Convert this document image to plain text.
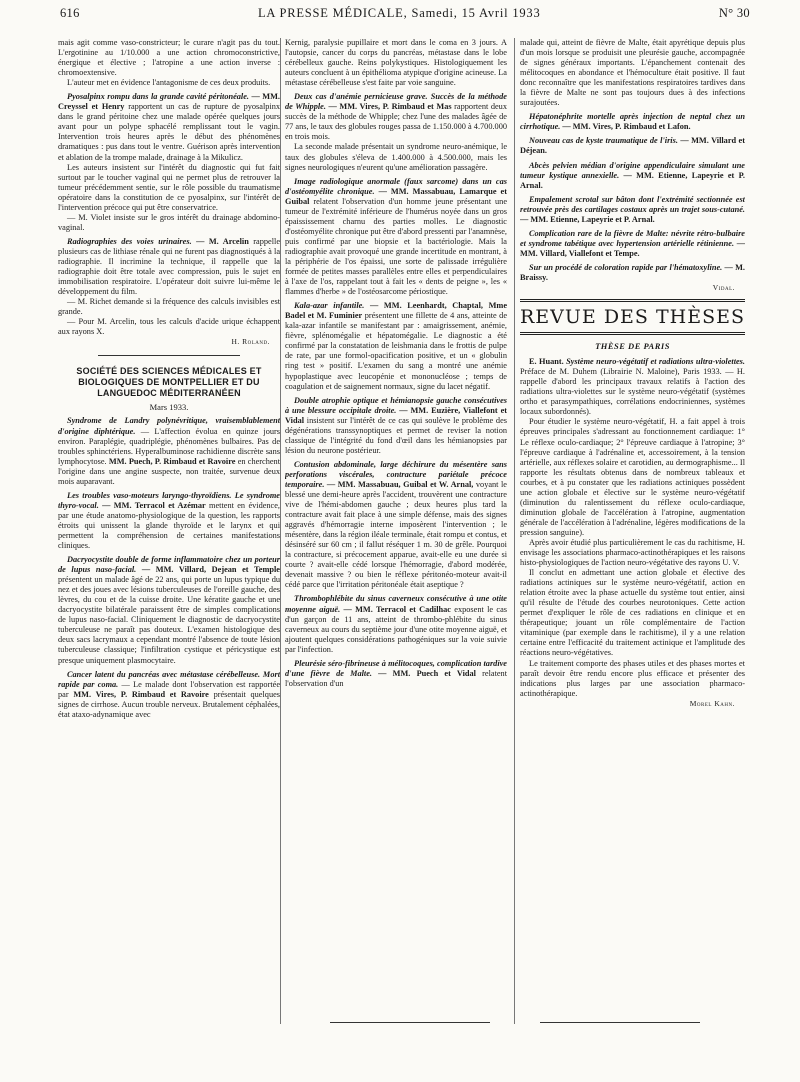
616	LA PRESSE MÉDICALE, Samedi, 15 Avril 1933	N° 30

mais agit comme vaso-constricteur; le curare n'agit pas du tout. L'ergotinine au 1/10.000 a une action chromoconstrictive, énergique et élective ; l'atropine a une action inverse : chromoextensive.

L'auteur met en évidence l'antagonisme de ces deux produits.

Pyosalpinx rompu dans la grande cavité péritonéale. — MM. Creyssel et Henry rapportent un cas de rupture de pyosalpinx dans le grand péritoine chez une malade opérée quelques jours avant pour un polype sphacélé remplissant tout le vagin. Intervention trois heures après le début des phénomènes dramatiques : pus dans tout le ventre. Guérison après intervention et ablation de la trompe malade, drainage à la Mikulicz.

Les auteurs insistent sur l'intérêt du diagnostic qui fut fait surtout par le toucher vaginal qui ne permet plus de retrouver la tumeur précédemment sentie, sur le rôle possible du traumatisme opératoire dans la constitution de ce pyosalpinx, sur l'intérêt de l'intervention précoce qui put être conservatrice.

— M. Violet insiste sur le gros intérêt du drainage abdomino-vaginal.

Radiographies des voies urinaires. — M. Arcelin rappelle plusieurs cas de lithiase rénale qui ne furent pas diagnostiqués à la radiographie. Il incrimine la technique, il rappelle que la radiographie doit être totale avec compression, puis le sujet en immobilisation respiratoire. L'opérateur doit suivre lui-même le développement du film.

— M. Richet demande si la fréquence des calculs invisibles est grande.

— Pour M. Arcelin, tous les calculs d'acide urique échappent aux rayons X.

H. Roland.
SOCIÉTÉ DES SCIENCES MÉDICALES ET BIOLOGIQUES DE MONTPELLIER ET DU LANGUEDOC MÉDITERRANÉEN
Mars 1933.

Syndrome de Landry polynévritique, vraisemblablement d'origine diphtérique. — L'affection évolua en quinze jours environ. Paraplégie, quadriplégie, phénomènes bulbaires. Pas de troubles sphinctériens. Hyperalbuminose rachidienne discrète sans lymphocytose. MM. Puech, P. Rimbaud et Ravoire en cherchent l'origine dans une angine suspecte, non traitée, survenue deux mois auparavant.

Les troubles vaso-moteurs laryngo-thyroïdiens. Le syndrome thyro-vocal. — MM. Terracol et Azémar mettent en évidence, par une étude anatomo-physiologique de la question, les rapports étroits qui unissent la glande thyroïde et le larynx et qui permettent la compréhension de certaines manifestations cliniques.

Dacryocystite double de forme inflammatoire chez un porteur de lupus naso-facial. — MM. Villard, Dejean et Temple présentent un malade âgé de 22 ans, qui porte un lupus typique du nez et des joues avec lésions tuberculeuses de l'oreille gauche, des lèvres, du cou et de la cuisse droite. Une kératite gauche et une dacryocystite bilatérale paraissent être de simples complications de lupus naso-facial. Cliniquement le diagnostic de dacryocystite tuberculeuse ne paraît pas douteux. L'examen histologique des deux sacs lacrymaux a cependant montré l'absence de toute lésion tuberculeuse classique; l'infiltration cystique et péricystique est presque uniquement plasmocytaire.

Cancer latent du pancréas avec métastase cérébelleuse. Mort rapide par coma. — Le malade dont l'observation est rapportée par MM. Vires, P. Rimbaud et Ravoire présentait quelques signes de cirrhose. Aucun trouble nerveux. Brutalement céphalées, état ataxo-adynamique avec

Kernig, paralysie pupillaire et mort dans le coma en 3 jours. A l'autopsie, cancer du corps du pancréas, métastase dans le lobe cérébelleux gauche. Reins polykystiques. Histologiquement les auteurs concluent à un épithélioma atypique d'origine acineuse. La métastase cérébelleuse s'est faite par voie sanguine.

Deux cas d'anémie pernicieuse grave. Succès de la méthode de Whipple. — MM. Vires, P. Rimbaud et Mas rapportent deux succès de la méthode de Whipple; chez l'une des malades âgée de 77 ans, le taux des globules rouges passa de 1.150.000 à 4.700.000 en trois mois.

La seconde malade présentait un syndrome neuro-anémique, le taux des globules s'éleva de 1.400.000 à 4.500.000, mais les signes neurologiques n'eurent qu'une amélioration passagère.

Image radiologique anormale (faux sarcome) dans un cas d'ostéomyélite chronique. — MM. Massabuau, Lamarque et Guibal relatent l'observation d'un homme jeune présentant une tumeur de l'extrémité inférieure de l'humérus noyée dans un gros épaississement charnu des parties molles. Le diagnostic d'ostéomyélite chronique put être d'abord pressenti par l'anamnèse, puis confirmé par une biopsie et la bactériologie. Mais la radiographie avait provoqué une grande incertitude en montrant, à la périphérie de l'os épaissi, une sorte de palissade irrégulière formée de petites masses parallèles entre elles et perpendiculaires à l'axe de l'os, rappelant tout à fait les « dents de peigne », les « flammes d'herbe » de l'ostéosarcome périostique.

Kala-azar infantile. — MM. Leenhardt, Chaptal, Mme Badel et M. Fuminier présentent une fillette de 4 ans, atteinte de kala-azar infantile se manifestant par : amaigrissement, anémie, fièvre, splénomégalie et hépatomégalie. Le diagnostic a été confirmé par la constatation de leishmania dans le frottis de pulpe de rate, par une formol-opacification positive, et un « globulin ring test » positif. L'examen du sang a montré une anémie hypoplastique avec leucopénie et mononucléose ; temps de coagulation et de saignement normaux, signe du lacet négatif.

Double atrophie optique et hémianopsie gauche consécutives à une blessure occipitale droite. — MM. Euzière, Viallefont et Vidal insistent sur l'intérêt de ce cas qui soulève le problème des dégénérations transsynoptiques et permet de reviser la notion classique de l'intégrité du fond d'œil dans les hémianopsies par lésion du neurone postérieur.

Contusion abdominale, large déchirure du mésentère sans perforations viscérales, contracture pariétale précoce temporaire. — MM. Massabuau, Guibal et W. Arnal, voyant le blessé une demi-heure après l'accident, trouvèrent une contracture vive de l'hémi-abdomen gauche ; deux heures plus tard la contracture avait fait place à une simple défense, mais des signes aggravés d'hémorragie interne imposèrent l'intervention ; le mésentère, dans la région iléale terminale, était rompu et contus, et désinséré sur 60 cm ; il fallut réséquer 1 m. 30 de grêle. Pourquoi la contracture, si précocement apparue, avait-elle eu une durée si courte ? avait-elle cédé lorsque l'hémorragie, d'abord modérée, devenait massive ? ou bien le réflexe péritonéo-moteur avait-il cédé parce que l'irritation péritonéale était aseptique ?

Thrombophlébite du sinus caverneux consécutive à une otite moyenne aiguë. — MM. Terracol et Cadilhac exposent le cas d'un garçon de 11 ans, atteint de thrombo-phlébite du sinus caverneux au cours du septième jour d'une otite moyenne aiguë, et ajoutent quelques considérations pathogéniques sur la voie suivie par l'infection.

Pleurésie séro-fibrineuse à mélitocoques, complication tardive d'une fièvre de Malte. — MM. Puech et Vidal relatent l'observation d'un

malade qui, atteint de fièvre de Malte, était apyrétique depuis plus d'un mois lorsque se produisit une pleurésie gauche, accompagnée de signes généraux importants. L'épanchement contenait des mélitocoques en abondance et l'hémoculture était positive. Il faut donc reconnaître que les manifestations respiratoires tardives dans la fièvre de Malte ne sont pas toujours dues à des infections surajoutées.

Hépatonéphrite mortelle après injection de neptal chez un cirrhotique. — MM. Vires, P. Rimbaud et Lafon.

Nouveau cas de kyste traumatique de l'iris. — MM. Villard et Déjean.

Abcès pelvien médian d'origine appendiculaire simulant une tumeur kystique annexielle. — MM. Etienne, Lapeyrie et P. Arnal.

Empalement scrotal sur bâton dont l'extrémité sectionnée est retrouvée près des cartilages costaux après un trajet sous-cutané. — MM. Etienne, Lapeyrie et P. Arnal.

Complication rare de la fièvre de Malte: névrite rétro-bulbaire et syndrome tabétique avec hypertension artérielle rétinienne. — MM. Villard, Viallefont et Tempe.

Sur un procédé de coloration rapide par l'hématoxyline. — M. Braissy.

Vidal.
REVUE DES THÈSES
THÈSE DE PARIS

E. Huant. Système neuro-végétatif et radiations ultra-violettes. Préface de M. Duhem (Librairie N. Maloine), Paris 1933. — H. rappelle d'abord les principaux travaux relatifs à l'action des radiations ultra-violettes sur le système neuro-végétatif (systèmes ortho et parasympathiques, corrélations endocriniennes, systèmes locaux subordonnés).

Pour étudier le système neuro-végétatif, H. a fait appel à trois épreuves principales s'adressant au fonctionnement cardiaque: 1° Le réflexe oculo-cardiaque; 2° l'épreuve cardiaque à l'atropine; 3° l'épreuve cardiaque à l'adrénaline et, accessoirement, à la tension artérielle, aux réflexes solaire et carotidien, au dermographisme... Il rapporte les résultats obtenus dans de nombreux tableaux et courbes, et à pu constater que les radiations actiniques possèdent une action globale et élective sur le système neuro-végétatif (diminution du ralentissement du réflexe oculo-cardiaque, diminution globale de l'accélération à l'atropine, augmentation générale de l'accélération à l'adrénaline, légères modifications de la pression sanguine).

Après avoir étudié plus particulièrement le cas du rachitisme, H. envisage les associations pharmaco-actinothérapiques et les raisons histo-physiologiques de l'action neuro-végétative des rayons U. V.

Il conclut en admettant une action globale et élective des radiations actiniques sur le système neuro-végétatif, action en relation étroite avec la phase actuelle du système tout entier, ainsi qu'il résulte de l'étude des courbes neurotoniques. Cette action permet d'expliquer le rôle de ces radiations en clinique et en thérapeutique; jouant un rôle complémentaire de l'action vitaminique (par exemple dans le rachitisme), il y a une relation certaine entre l'efficacité du traitement actinique et l'amplitude des réactions neuro-végétatives.

Le traitement comporte des phases utiles et des phases mortes et paraît devoir être rendu encore plus efficace et présenter des indications plus larges par une association pharmaco-actinothérapique.

Morel Kahn.
